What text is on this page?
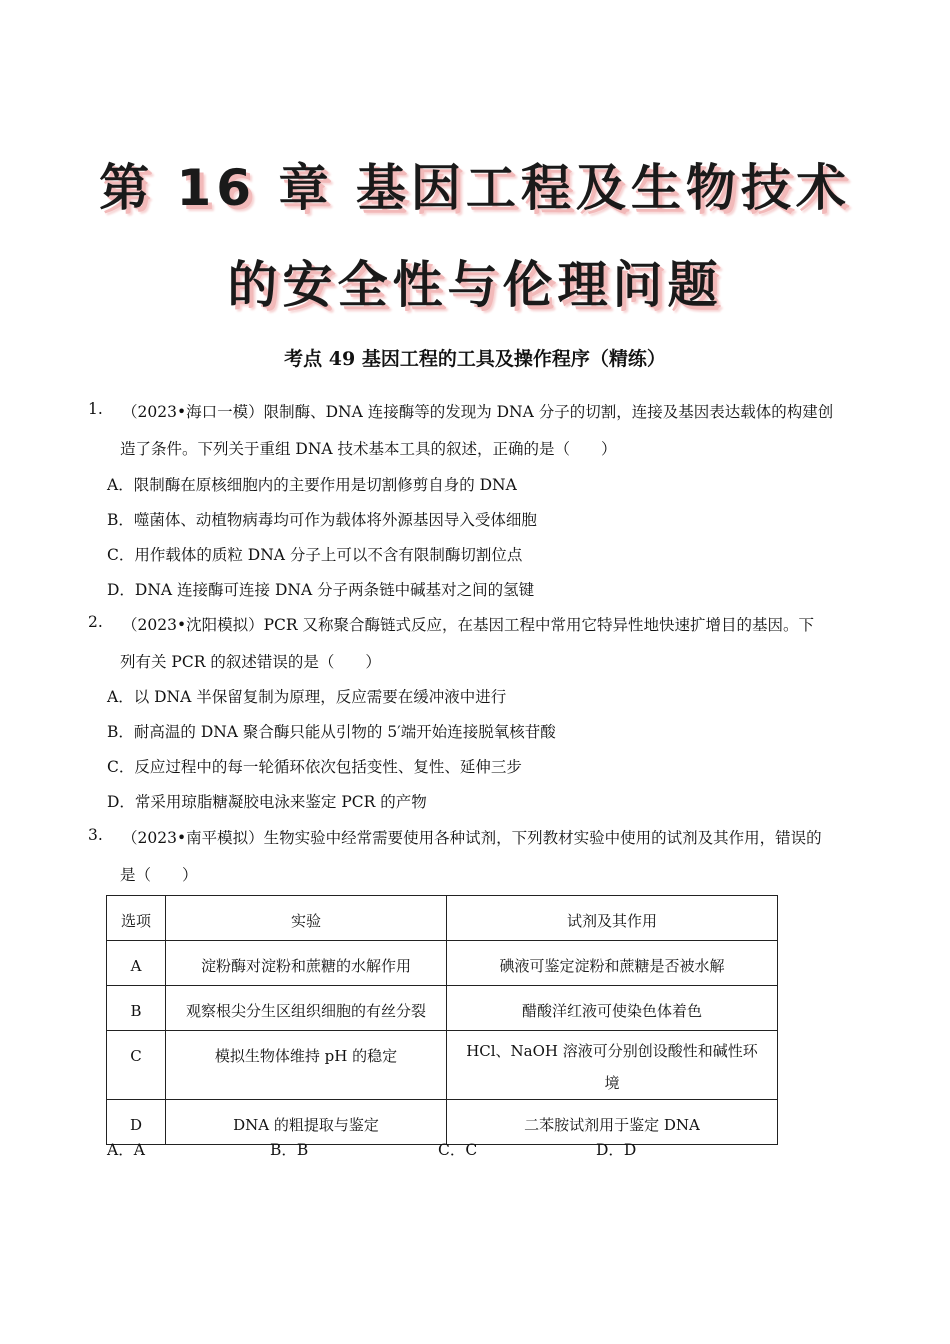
第 16 章 基因工程及生物技术
的安全性与伦理问题
考点 49 基因工程的工具及操作程序（精练）
1. （2023•海口一模）限制酶、DNA 连接酶等的发现为 DNA 分子的切割，连接及基因表达载体的构建创
造了条件。下列关于重组 DNA 技术基本工具的叙述，正确的是（　　）
A．限制酶在原核细胞内的主要作用是切割修剪自身的 DNA
B．噬菌体、动植物病毒均可作为载体将外源基因导入受体细胞
C．用作载体的质粒 DNA 分子上可以不含有限制酶切割位点
D．DNA 连接酶可连接 DNA 分子两条链中碱基对之间的氢键
2. （2023•沈阳模拟）PCR 又称聚合酶链式反应，在基因工程中常用它特异性地快速扩增目的基因。下
列有关 PCR 的叙述错误的是（　　）
A．以 DNA 半保留复制为原理，反应需要在缓冲液中进行
B．耐高温的 DNA 聚合酶只能从引物的 5′端开始连接脱氧核苷酸
C．反应过程中的每一轮循环依次包括变性、复性、延伸三步
D．常采用琼脂糖凝胶电泳来鉴定 PCR 的产物
3. （2023•南平模拟）生物实验中经常需要使用各种试剂，下列教材实验中使用的试剂及其作用，错误的
是（　　）
选项	实验	试剂及其作用
A	淀粉酶对淀粉和蔗糖的水解作用	碘液可鉴定淀粉和蔗糖是否被水解
B	观察根尖分生区组织细胞的有丝分裂	醋酸洋红液可使染色体着色
C	模拟生物体维持 pH 的稳定	HCl、NaOH 溶液可分别创设酸性和碱性环
境

D	DNA 的粗提取与鉴定	二苯胺试剂用于鉴定 DNA
A．A	B．B	C．C	D．D
